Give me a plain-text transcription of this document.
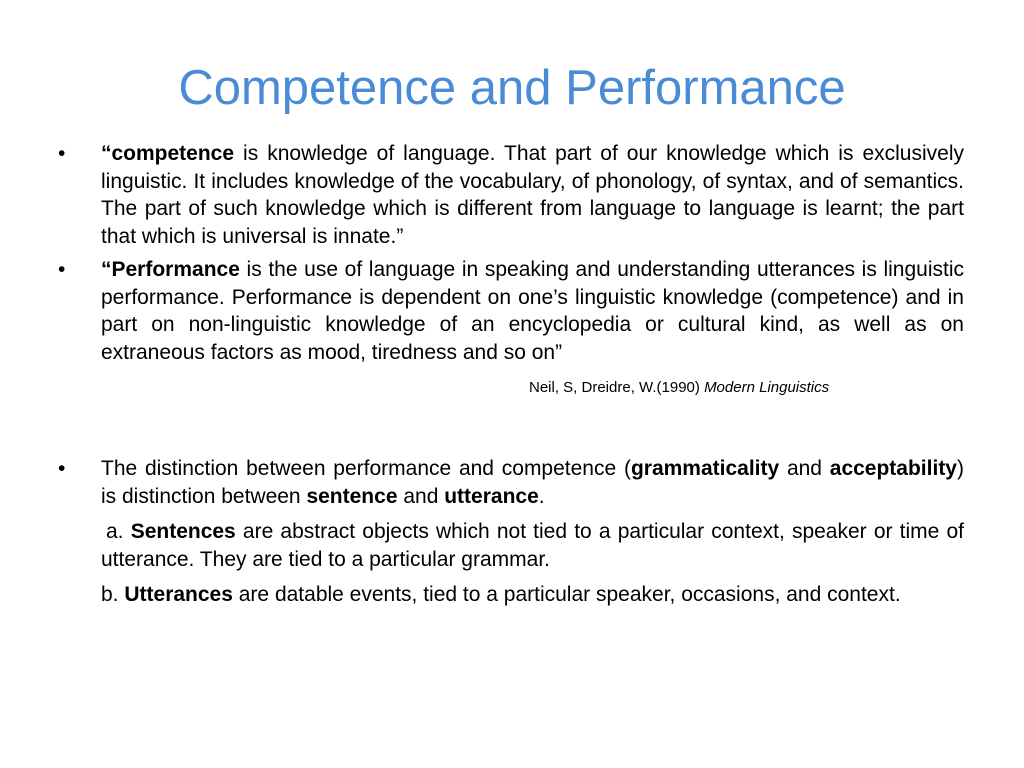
Competence and Performance
• “competence is knowledge of language. That part of our knowledge which is exclusively linguistic. It includes knowledge of the vocabulary, of phonology, of syntax, and of semantics. The part of such knowledge which is different from language to language is learnt; the part that which is universal is innate.”
• “Performance is the use of language in speaking and understanding utterances is linguistic performance. Performance is dependent on one’s linguistic knowledge (competence) and in part on non-linguistic knowledge of an encyclopedia or cultural kind, as well as on extraneous factors as mood, tiredness and so on”
Neil, S, Dreidre, W.(1990) Modern Linguistics
• The distinction between performance and competence (grammaticality and acceptability) is distinction between sentence and utterance.
a. Sentences are abstract objects which not tied to a particular context, speaker or time of utterance. They are tied to a particular grammar.
b. Utterances are datable events, tied to a particular speaker, occasions, and context.
